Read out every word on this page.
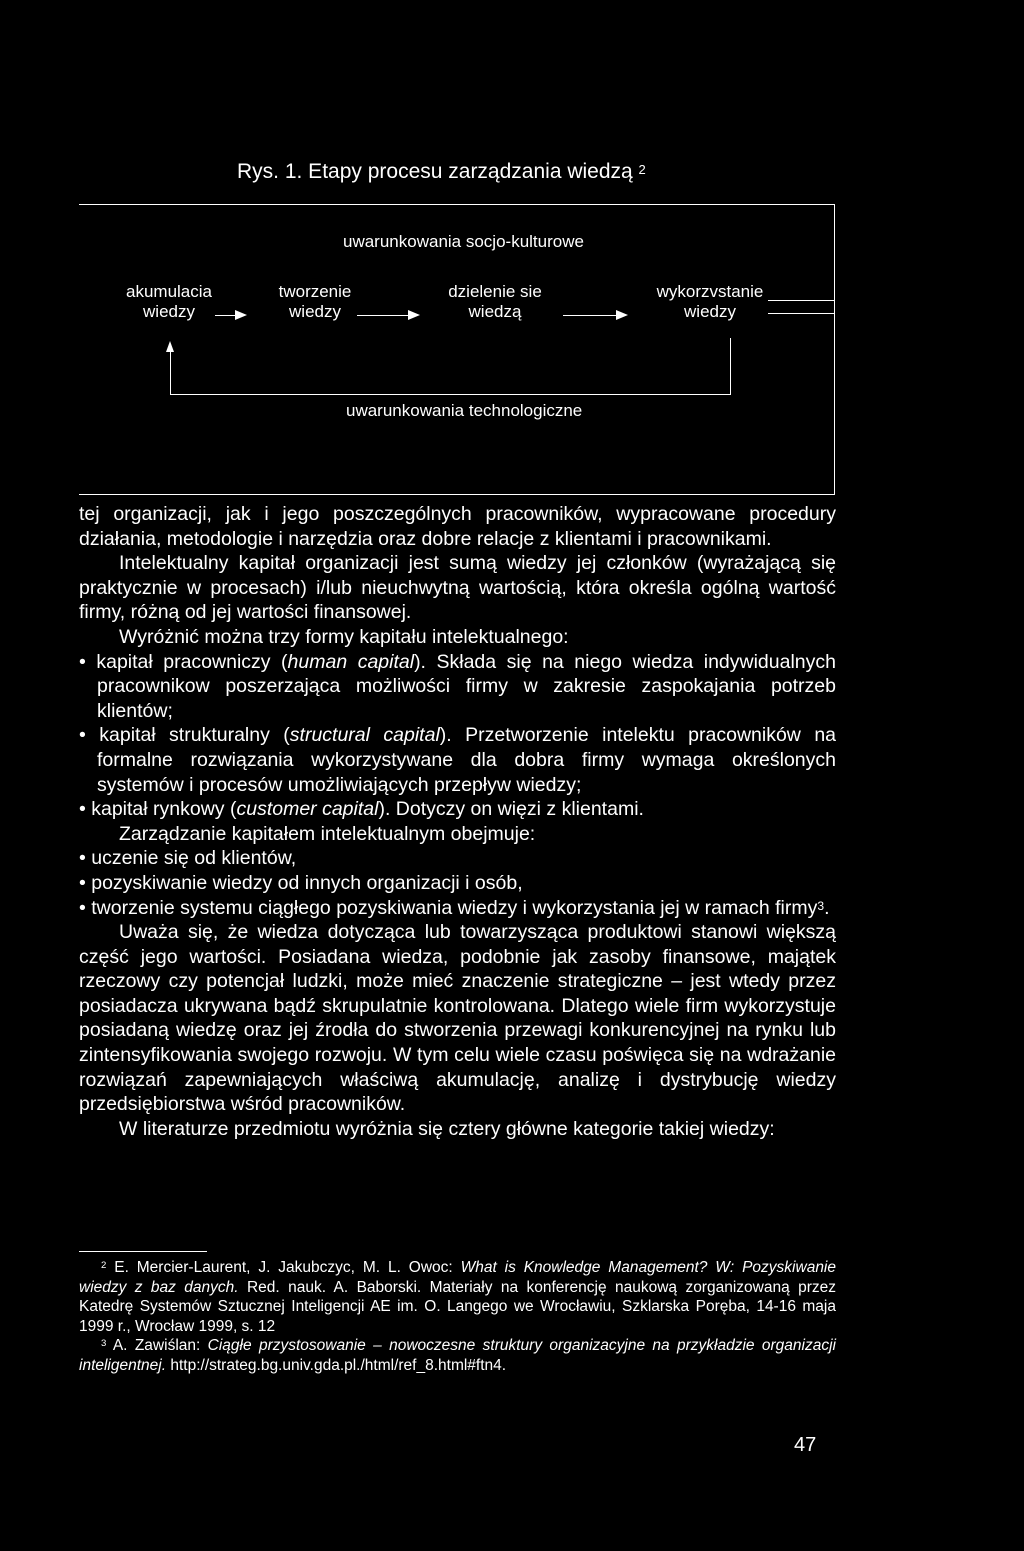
Rys. 1. Etapy procesu zarządzania wiedzą $^2$
uwarunkowania socjo-kulturowe
akumulacia
wiedzy
tworzenie
wiedzy
dzielenie sie
wiedzą
wykorzvstanie
wiedzy
uwarunkowania technologiczne

tej organizacji, jak i jego poszczególnych pracowników, wypracowane procedury działania, metodologie i narzędzia oraz dobre relacje z klientami i pracownikami.

Intelektualny kapitał organizacji jest sumą wiedzy jej członków (wyrażającą się praktycznie w procesach) i/lub nieuchwytną wartością, która określa ogólną wartość firmy, różną od jej wartości finansowej.

Wyróżnić można trzy formy kapitału intelektualnego:

• kapitał pracowniczy (human capital). Składa się na niego wiedza indywidualnych pracownikow poszerzająca możliwości firmy w zakresie zaspokajania potrzeb klientów;

• kapitał strukturalny (structural capital). Przetworzenie intelektu pracowników na formalne rozwiązania wykorzystywane dla dobra firmy wymaga określonych systemów i procesów umożliwiających przepływ wiedzy;

• kapitał rynkowy (customer capital). Dotyczy on więzi z klientami.

Zarządzanie kapitałem intelektualnym obejmuje:

• uczenie się od klientów,

• pozyskiwanie wiedzy od innych organizacji i osób,

• tworzenie systemu ciągłego pozyskiwania wiedzy i wykorzystania jej w ramach firmy$^3$.

Uważa się, że wiedza dotycząca lub towarzysząca produktowi stanowi większą część jego wartości. Posiadana wiedza, podobnie jak zasoby finansowe, majątek rzeczowy czy potencjał ludzki, może mieć znaczenie strategiczne – jest wtedy przez posiadacza ukrywana bądź skrupulatnie kontrolowana. Dlatego wiele firm wykorzystuje posiadaną wiedzę oraz jej źrodła do stworzenia przewagi konkurencyjnej na rynku lub zintensyfikowania swojego rozwoju. W tym celu wiele czasu poświęca się na wdrażanie rozwiązań zapewniających właściwą akumulację, analizę i dystrybucję wiedzy przedsiębiorstwa wśród pracowników.

W literaturze przedmiotu wyróżnia się cztery główne kategorie takiej wiedzy:

$^2$ E. Mercier-Laurent, J. Jakubczyc, M. L. Owoc: What is Knowledge Management? W: Pozyskiwanie wiedzy z baz danych. Red. nauk. A. Baborski. Materiały na konferencję naukową zorganizowaną przez Katedrę Systemów Sztucznej Inteligencji AE im. O. Langego we Wrocławiu, Szklarska Poręba, 14-16 maja 1999 r., Wrocław 1999, s. 12

$^3$ A. Zawiślan: Ciągłe przystosowanie – nowoczesne struktury organizacyjne na przykładzie organizacji inteligentnej. http://strateg.bg.univ.gda.pl./html/ref_8.html#ftn4.

47
